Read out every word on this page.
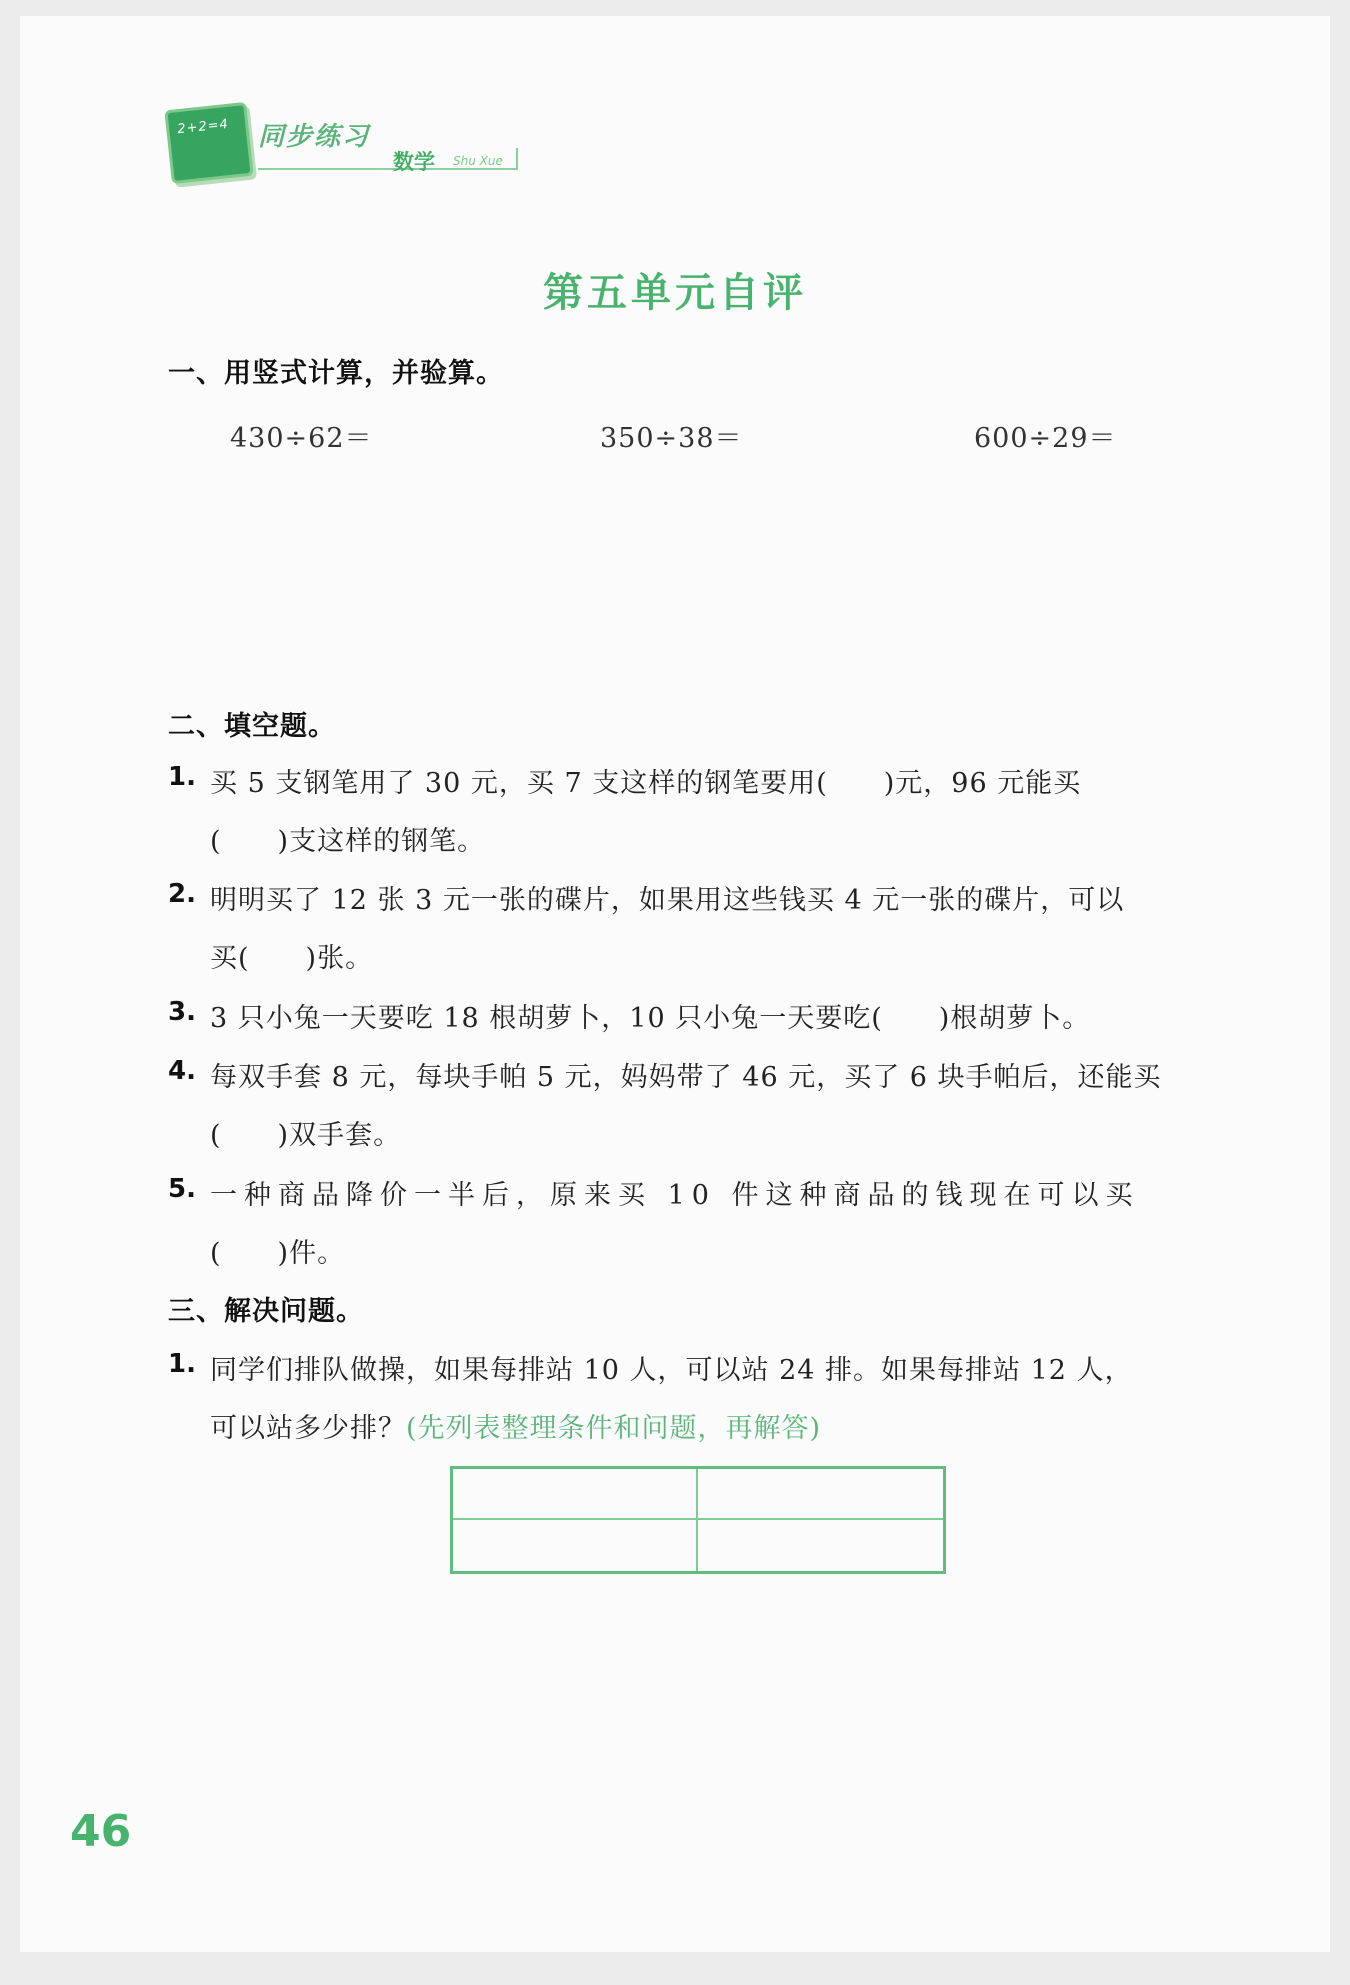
2+2=4 同步练习
数学 Shu Xue
第五单元自评
一、用竖式计算，并验算。
430÷62＝	350÷38＝	600÷29＝
二、填空题。
1. 买 5 支钢笔用了 30 元，买 7 支这样的钢笔要用(　　)元，96 元能买
(　　)支这样的钢笔。
2. 明明买了 12 张 3 元一张的碟片，如果用这些钱买 4 元一张的碟片，可以
买(　　)张。
3. 3 只小兔一天要吃 18 根胡萝卜，10 只小兔一天要吃(　　)根胡萝卜。
4. 每双手套 8 元，每块手帕 5 元，妈妈带了 46 元，买了 6 块手帕后，还能买
(　　)双手套。
5. 一种商品降价一半后，原来买 10 件这种商品的钱现在可以买
(　　)件。
三、解决问题。
1. 同学们排队做操，如果每排站 10 人，可以站 24 排。如果每排站 12 人，
可以站多少排？(先列表整理条件和问题，再解答)
46
